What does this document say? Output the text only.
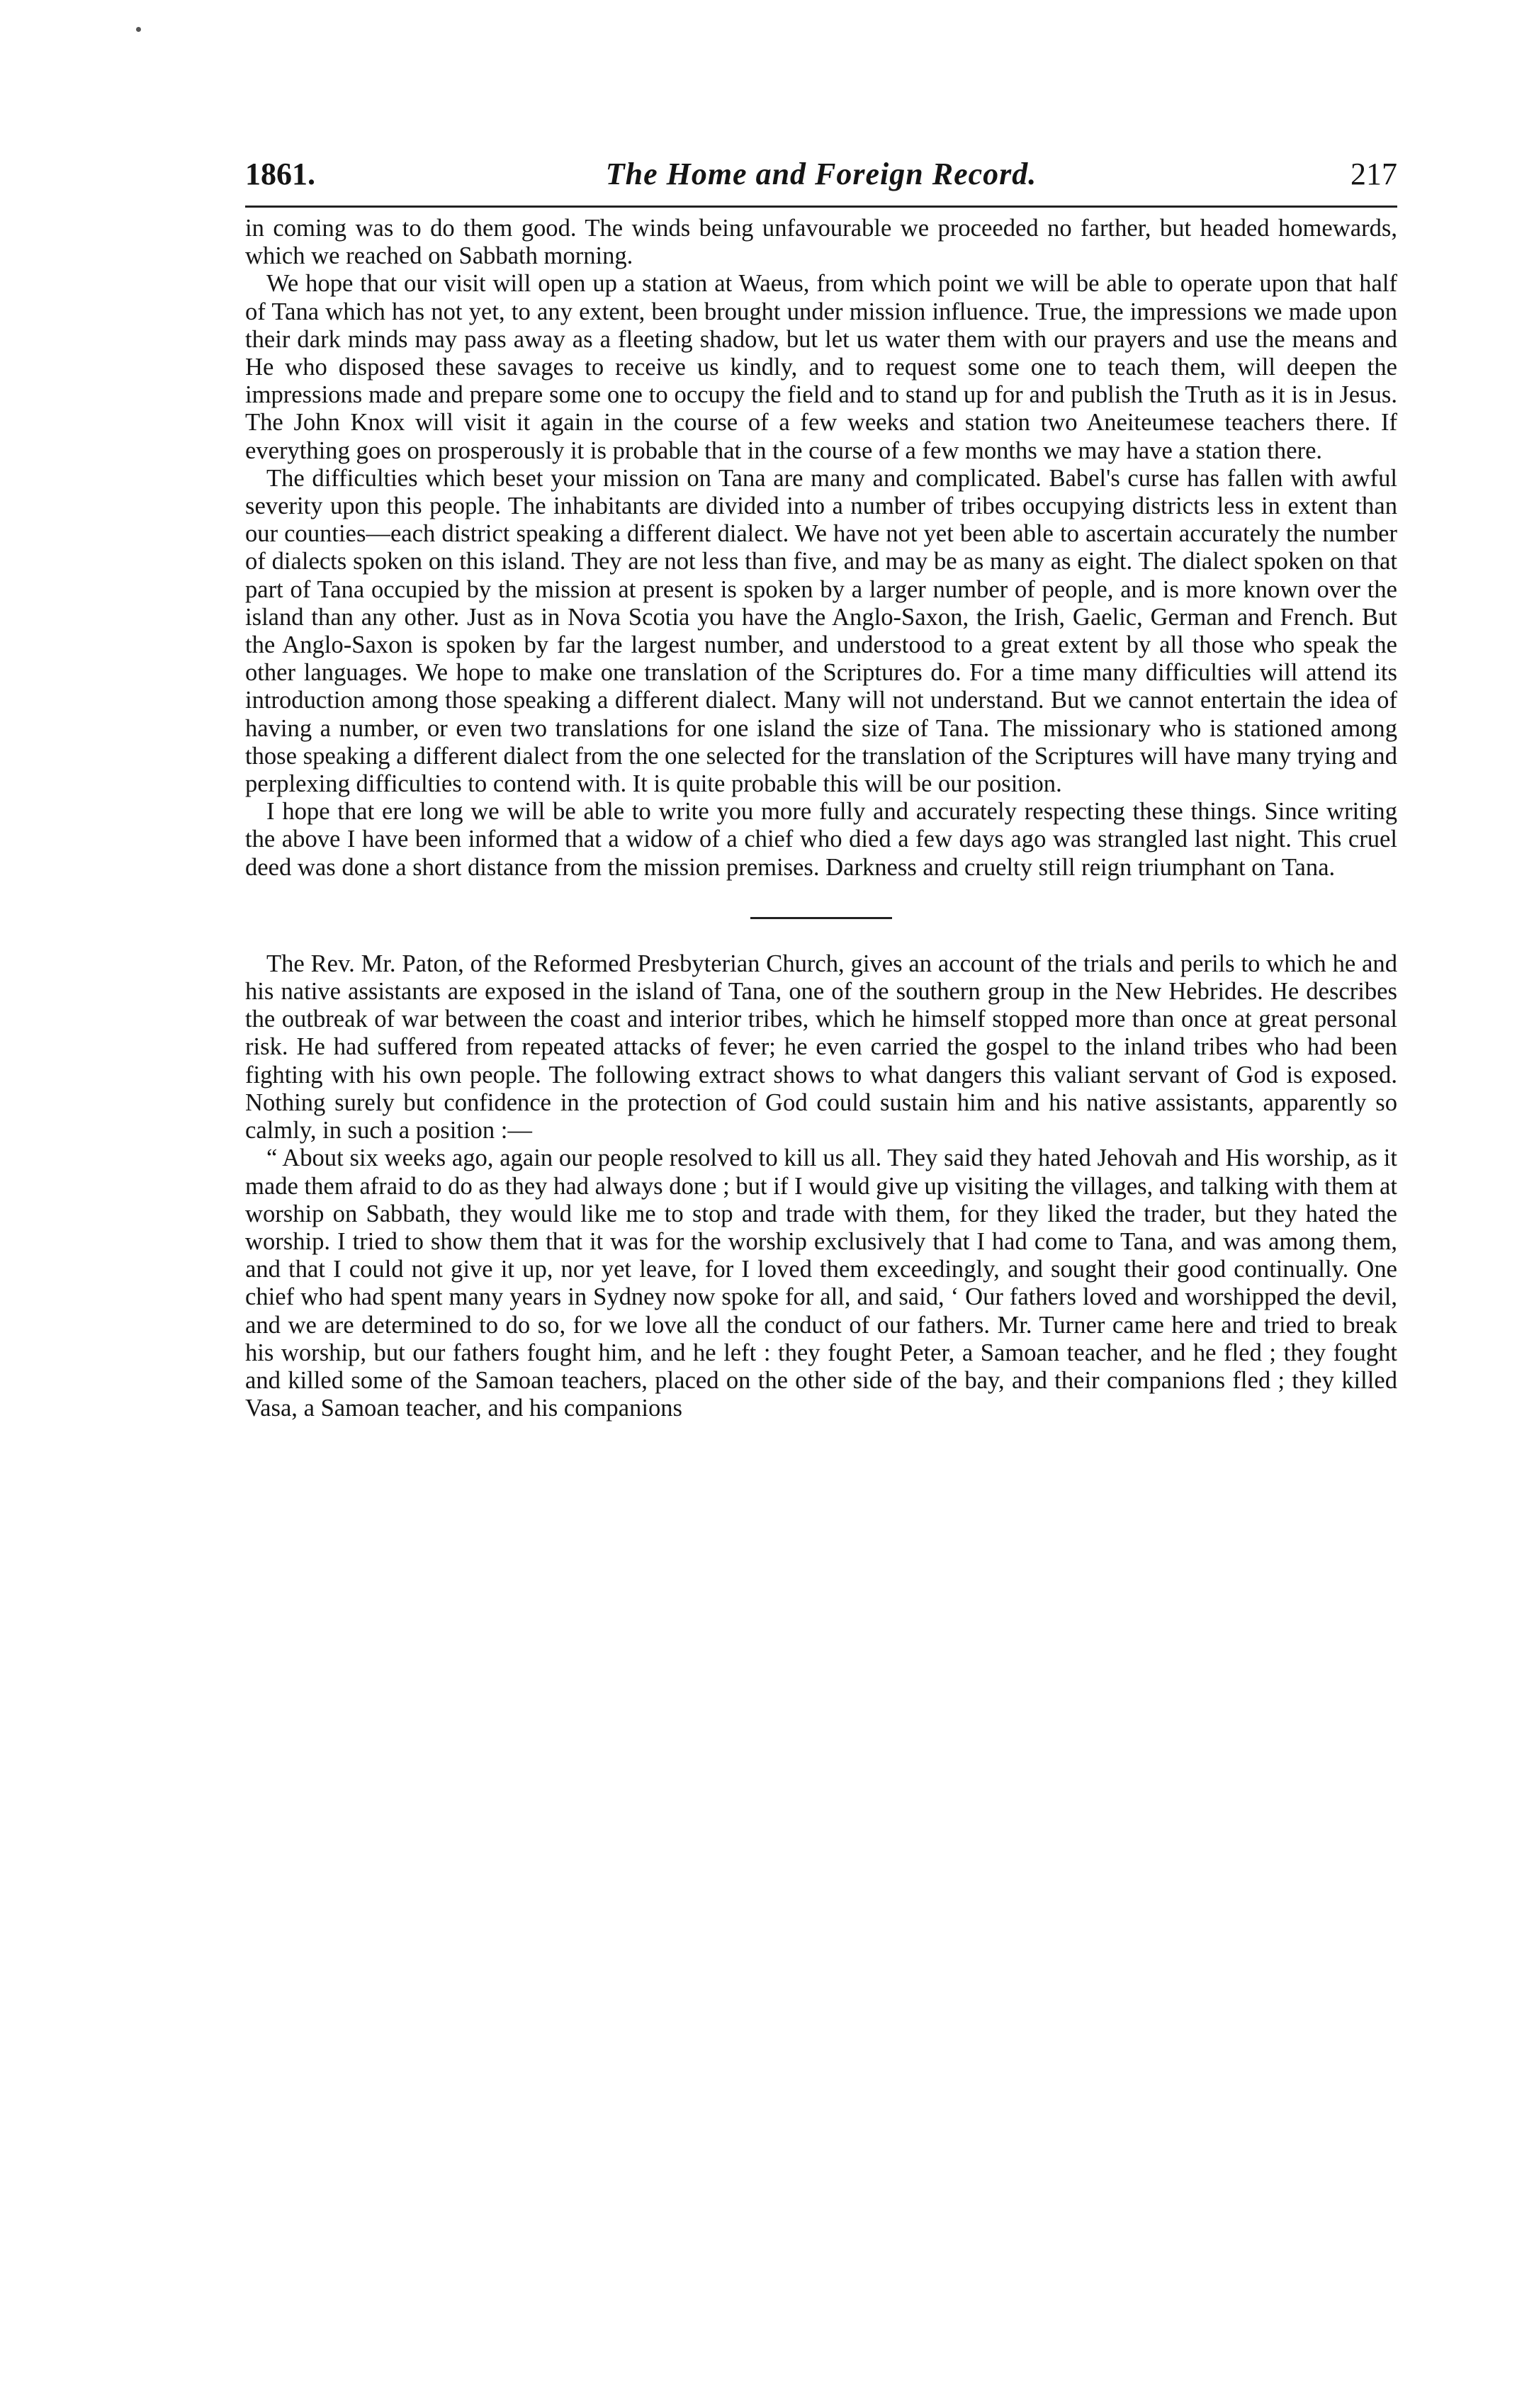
1861.	The Home and Foreign Record.	217

in coming was to do them good. The winds being unfavourable we proceeded no farther, but headed homewards, which we reached on Sabbath morning.

We hope that our visit will open up a station at Waeus, from which point we will be able to operate upon that half of Tana which has not yet, to any extent, been brought under mission influence. True, the impressions we made upon their dark minds may pass away as a fleeting shadow, but let us water them with our prayers and use the means and He who disposed these savages to receive us kindly, and to request some one to teach them, will deepen the impressions made and prepare some one to occupy the field and to stand up for and publish the Truth as it is in Jesus. The John Knox will visit it again in the course of a few weeks and station two Aneiteumese teachers there. If everything goes on prosperously it is probable that in the course of a few months we may have a station there.

The difficulties which beset your mission on Tana are many and complicated. Babel's curse has fallen with awful severity upon this people. The inhabitants are divided into a number of tribes occupying districts less in extent than our counties—each district speaking a different dialect. We have not yet been able to ascertain accurately the number of dialects spoken on this island. They are not less than five, and may be as many as eight. The dialect spoken on that part of Tana occupied by the mission at present is spoken by a larger number of people, and is more known over the island than any other. Just as in Nova Scotia you have the Anglo-Saxon, the Irish, Gaelic, German and French. But the Anglo-Saxon is spoken by far the largest number, and understood to a great extent by all those who speak the other languages. We hope to make one translation of the Scriptures do. For a time many difficulties will attend its introduction among those speaking a different dialect. Many will not understand. But we cannot entertain the idea of having a number, or even two translations for one island the size of Tana. The missionary who is stationed among those speaking a different dialect from the one selected for the translation of the Scriptures will have many trying and perplexing difficulties to contend with. It is quite probable this will be our position.

I hope that ere long we will be able to write you more fully and accurately respecting these things. Since writing the above I have been informed that a widow of a chief who died a few days ago was strangled last night. This cruel deed was done a short distance from the mission premises. Darkness and cruelty still reign triumphant on Tana.

The Rev. Mr. Paton, of the Reformed Presbyterian Church, gives an account of the trials and perils to which he and his native assistants are exposed in the island of Tana, one of the southern group in the New Hebrides. He describes the outbreak of war between the coast and interior tribes, which he himself stopped more than once at great personal risk. He had suffered from repeated attacks of fever; he even carried the gospel to the inland tribes who had been fighting with his own people. The following extract shows to what dangers this valiant servant of God is exposed. Nothing surely but confidence in the protection of God could sustain him and his native assistants, apparently so calmly, in such a position :—

“ About six weeks ago, again our people resolved to kill us all. They said they hated Jehovah and His worship, as it made them afraid to do as they had always done ; but if I would give up visiting the villages, and talking with them at worship on Sabbath, they would like me to stop and trade with them, for they liked the trader, but they hated the worship. I tried to show them that it was for the worship exclusively that I had come to Tana, and was among them, and that I could not give it up, nor yet leave, for I loved them exceedingly, and sought their good continually. One chief who had spent many years in Sydney now spoke for all, and said, ‘ Our fathers loved and worshipped the devil, and we are determined to do so, for we love all the conduct of our fathers. Mr. Turner came here and tried to break his worship, but our fathers fought him, and he left : they fought Peter, a Samoan teacher, and he fled ; they fought and killed some of the Samoan teachers, placed on the other side of the bay, and their companions fled ; they killed Vasa, a Samoan teacher, and his companions
